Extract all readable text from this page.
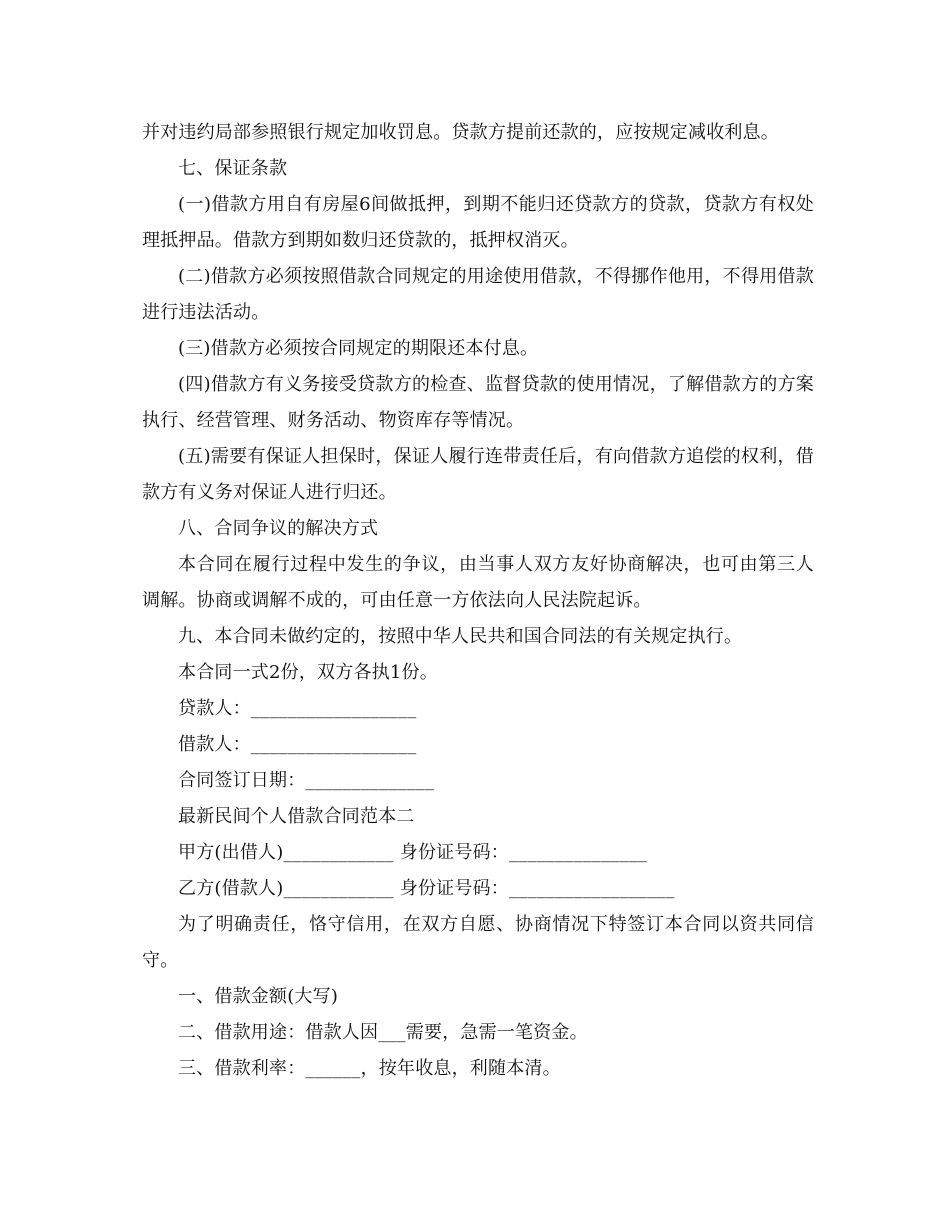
并对违约局部参照银行规定加收罚息。贷款方提前还款的，应按规定减收利息。

七、保证条款

(一)借款方用自有房屋6间做抵押，到期不能归还贷款方的贷款，贷款方有权处理抵押品。借款方到期如数归还贷款的，抵押权消灭。

(二)借款方必须按照借款合同规定的用途使用借款，不得挪作他用，不得用借款进行违法活动。

(三)借款方必须按合同规定的期限还本付息。

(四)借款方有义务接受贷款方的检查、监督贷款的使用情况，了解借款方的方案执行、经营管理、财务活动、物资库存等情况。

(五)需要有保证人担保时，保证人履行连带责任后，有向借款方追偿的权利，借款方有义务对保证人进行归还。

八、合同争议的解决方式

本合同在履行过程中发生的争议，由当事人双方友好协商解决，也可由第三人调解。协商或调解不成的，可由任意一方依法向人民法院起诉。

九、本合同未做约定的，按照中华人民共和国合同法的有关规定执行。

本合同一式2份，双方各执1份。

贷款人：__________________

借款人：__________________

合同签订日期：______________

最新民间个人借款合同范本二

甲方(出借人)____________ 身份证号码：_______________

乙方(借款人)____________ 身份证号码：__________________

为了明确责任，恪守信用，在双方自愿、协商情况下特签订本合同以资共同信守。

一、借款金额(大写)

二、借款用途：借款人因___需要，急需一笔资金。

三、借款利率：______，按年收息，利随本清。
